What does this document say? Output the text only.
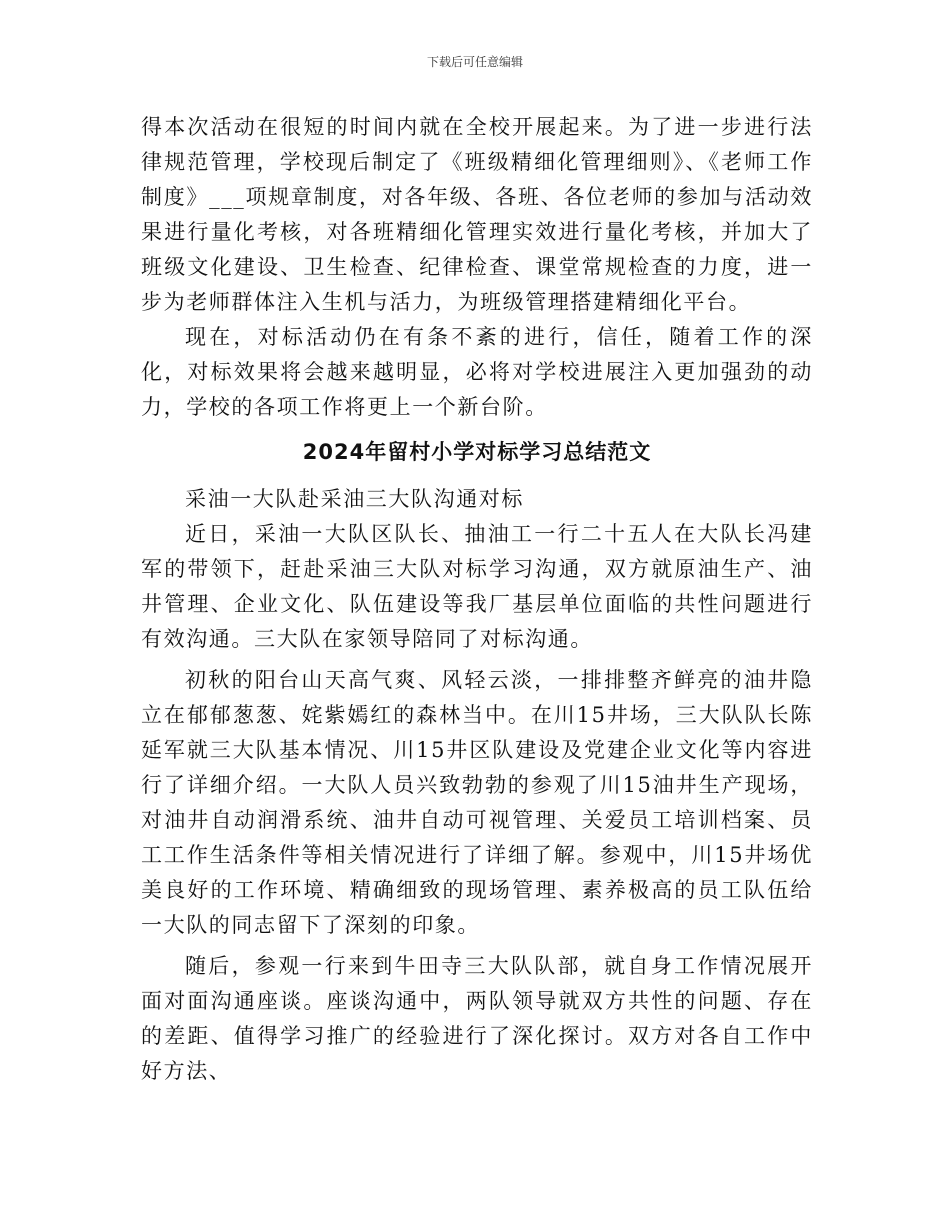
下载后可任意编辑

得本次活动在很短的时间内就在全校开展起来。为了进一步进行法律规范管理，学校现后制定了《班级精细化管理细则》、《老师工作制度》___项规章制度，对各年级、各班、各位老师的参加与活动效果进行量化考核，对各班精细化管理实效进行量化考核，并加大了班级文化建设、卫生检查、纪律检查、课堂常规检查的力度，进一步为老师群体注入生机与活力，为班级管理搭建精细化平台。

现在，对标活动仍在有条不紊的进行，信任，随着工作的深化，对标效果将会越来越明显，必将对学校进展注入更加强劲的动力，学校的各项工作将更上一个新台阶。

2024年留村小学对标学习总结范文

采油一大队赴采油三大队沟通对标

近日，采油一大队区队长、抽油工一行二十五人在大队长冯建军的带领下，赶赴采油三大队对标学习沟通，双方就原油生产、油井管理、企业文化、队伍建设等我厂基层单位面临的共性问题进行有效沟通。三大队在家领导陪同了对标沟通。

初秋的阳台山天高气爽、风轻云淡，一排排整齐鲜亮的油井隐立在郁郁葱葱、姹紫嫣红的森林当中。在川15井场，三大队队长陈延军就三大队基本情况、川15井区队建设及党建企业文化等内容进行了详细介绍。一大队人员兴致勃勃的参观了川15油井生产现场，对油井自动润滑系统、油井自动可视管理、关爱员工培训档案、员工工作生活条件等相关情况进行了详细了解。参观中，川15井场优美良好的工作环境、精确细致的现场管理、素养极高的员工队伍给一大队的同志留下了深刻的印象。

随后，参观一行来到牛田寺三大队队部，就自身工作情况展开面对面沟通座谈。座谈沟通中，两队领导就双方共性的问题、存在的差距、值得学习推广的经验进行了深化探讨。双方对各自工作中好方法、
